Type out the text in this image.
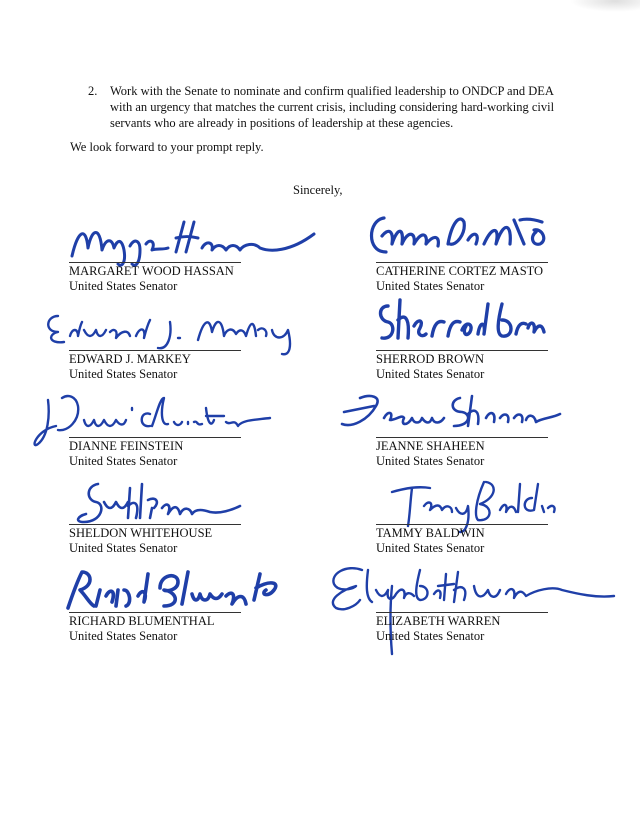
2. Work with the Senate to nominate and confirm qualified leadership to ONDCP and DEA with an urgency that matches the current crisis, including considering hard-working civil servants who are already in positions of leadership at these agencies.
We look forward to your prompt reply.
Sincerely,
MARGARET WOOD HASSAN
United States Senator
CATHERINE CORTEZ MASTO
United States Senator
EDWARD J. MARKEY
United States Senator
SHERROD BROWN
United States Senator
DIANNE FEINSTEIN
United States Senator
JEANNE SHAHEEN
United States Senator
SHELDON WHITEHOUSE
United States Senator
TAMMY BALDWIN
United States Senator
RICHARD BLUMENTHAL
United States Senator
ELIZABETH WARREN
United States Senator
